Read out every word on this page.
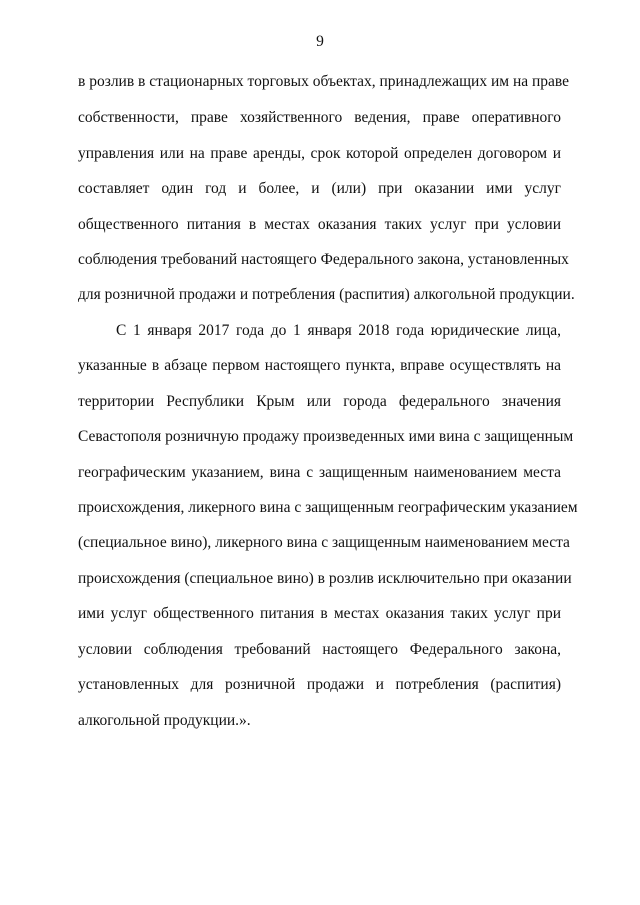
9
в розлив в стационарных торговых объектах, принадлежащих им на праве
собственности, праве хозяйственного ведения, праве оперативного
управления или на праве аренды, срок которой определен договором и
составляет один год и более, и (или) при оказании ими услуг
общественного питания в местах оказания таких услуг при условии
соблюдения требований настоящего Федерального закона, установленных
для розничной продажи и потребления (распития) алкогольной продукции.
С 1 января 2017 года до 1 января 2018 года юридические лица,
указанные в абзаце первом настоящего пункта, вправе осуществлять на
территории Республики Крым или города федерального значения
Севастополя розничную продажу произведенных ими вина с защищенным
географическим указанием, вина с защищенным наименованием места
происхождения, ликерного вина с защищенным географическим указанием
(специальное вино), ликерного вина с защищенным наименованием места
происхождения (специальное вино) в розлив исключительно при оказании
ими услуг общественного питания в местах оказания таких услуг при
условии соблюдения требований настоящего Федерального закона,
установленных для розничной продажи и потребления (распития)
алкогольной продукции.».
